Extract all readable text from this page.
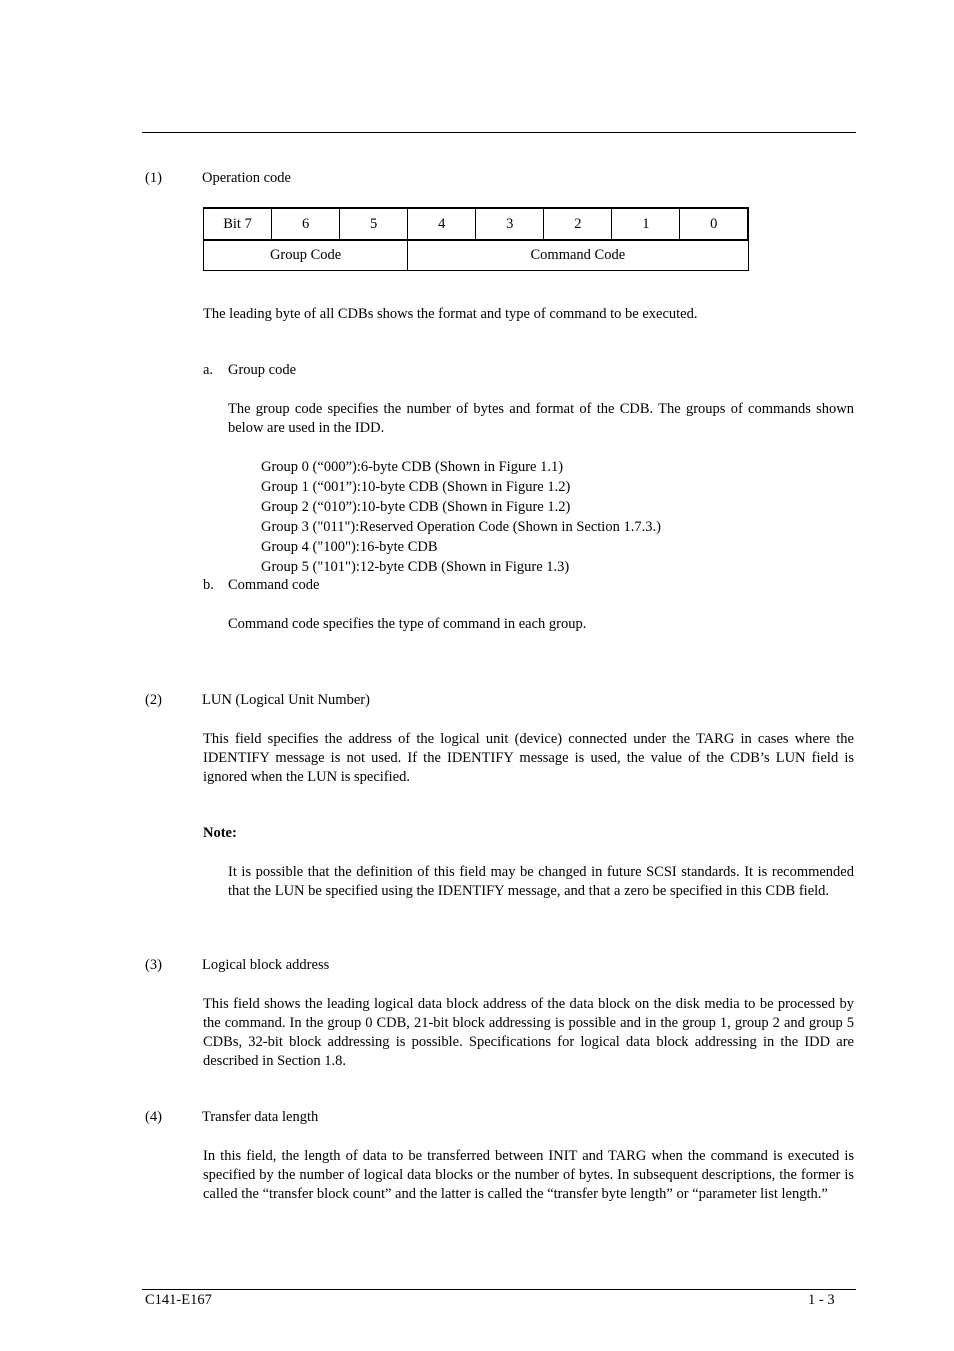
(1)	Operation code
Bit 7	6	5	4	3	2	1	0
Group Code			Command Code				
The leading byte of all CDBs shows the format and type of command to be executed.
a. Group code
The group code specifies the number of bytes and format of the CDB. The groups of commands shown below are used in the IDD.
Group 0 (“000”):6-byte CDB (Shown in Figure 1.1)
Group 1 (“001”):10-byte CDB (Shown in Figure 1.2)
Group 2 (“010”):10-byte CDB (Shown in Figure 1.2)
Group 3 ("011"):Reserved Operation Code (Shown in Section 1.7.3.)
Group 4 ("100"):16-byte CDB
Group 5 ("101"):12-byte CDB (Shown in Figure 1.3)
b. Command code
Command code specifies the type of command in each group.
(2)	LUN (Logical Unit Number)
This field specifies the address of the logical unit (device) connected under the TARG in cases where the IDENTIFY message is not used. If the IDENTIFY message is used, the value of the CDB’s LUN field is ignored when the LUN is specified.
Note:
It is possible that the definition of this field may be changed in future SCSI standards. It is recommended that the LUN be specified using the IDENTIFY message, and that a zero be specified in this CDB field.
(3)	Logical block address
This field shows the leading logical data block address of the data block on the disk media to be processed by the command. In the group 0 CDB, 21-bit block addressing is possible and in the group 1, group 2 and group 5 CDBs, 32-bit block addressing is possible. Specifications for logical data block addressing in the IDD are described in Section 1.8.
(4)	Transfer data length
In this field, the length of data to be transferred between INIT and TARG when the command is executed is specified by the number of logical data blocks or the number of bytes. In subsequent descriptions, the former is called the “transfer block count” and the latter is called the “transfer byte length” or “parameter list length.”
C141-E167	1 - 3
